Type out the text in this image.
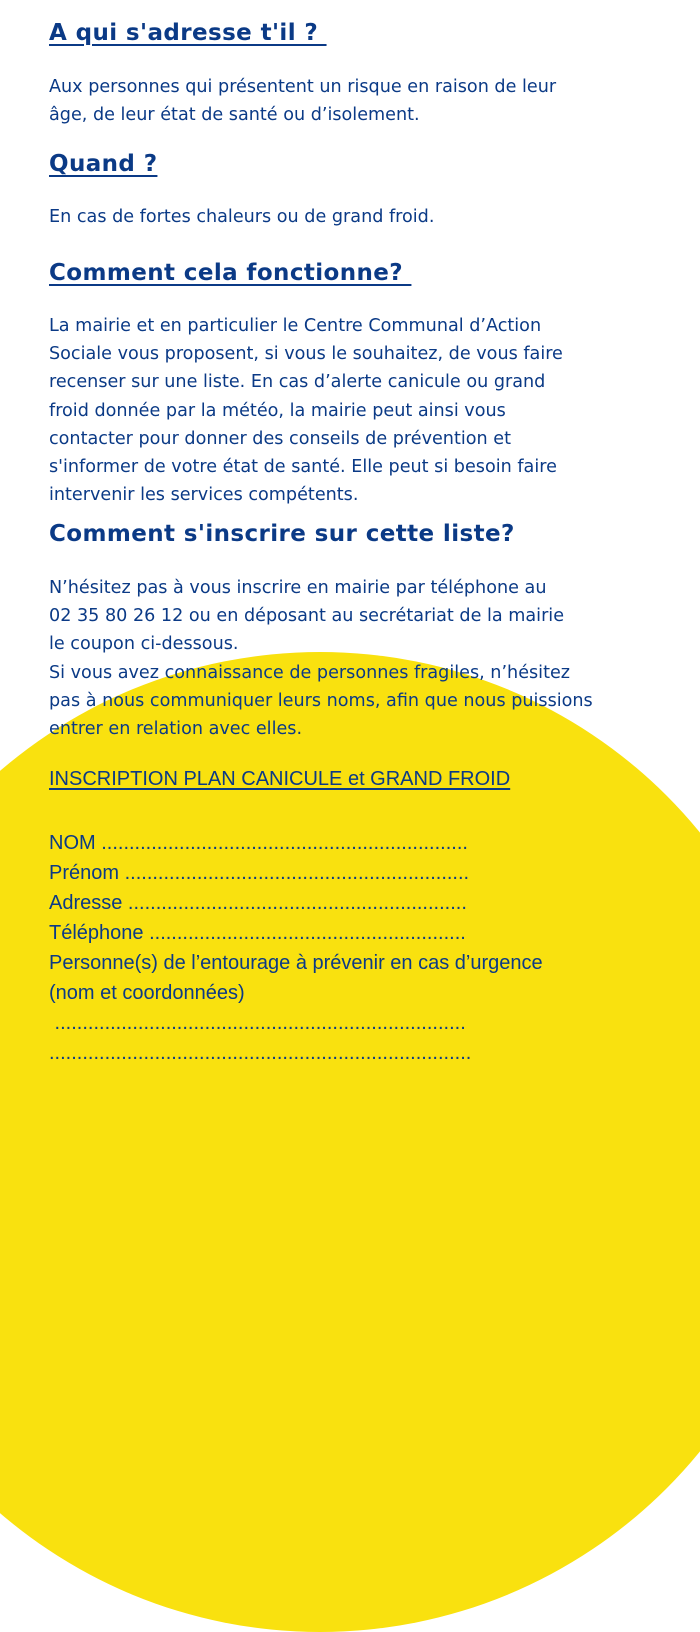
A qui s'adresse t'il ?
Aux personnes qui présentent un risque en raison de leur
âge, de leur état de santé ou d’isolement.
Quand ?
En cas de fortes chaleurs ou de grand froid.
Comment cela fonctionne?
La mairie et en particulier le Centre Communal d’Action
Sociale vous proposent, si vous le souhaitez, de vous faire
recenser sur une liste. En cas d’alerte canicule ou grand
froid donnée par la météo, la mairie peut ainsi vous
contacter pour donner des conseils de prévention et
s'informer de votre état de santé. Elle peut si besoin faire
intervenir les services compétents.
Comment s'inscrire sur cette liste?
N’hésitez pas à vous inscrire en mairie par téléphone au
02 35 80 26 12 ou en déposant au secrétariat de la mairie
le coupon ci-dessous.
Si vous avez connaissance de personnes fragiles, n’hésitez
pas à nous communiquer leurs noms, afin que nous puissions
entrer en relation avec elles.
INSCRIPTION PLAN CANICULE et GRAND FROID
NOM ..................................................................
Prénom ..............................................................
Adresse .............................................................
Téléphone .........................................................
Personne(s) de l’entourage à prévenir en cas d’urgence
(nom et coordonnées)
..........................................................................
............................................................................
